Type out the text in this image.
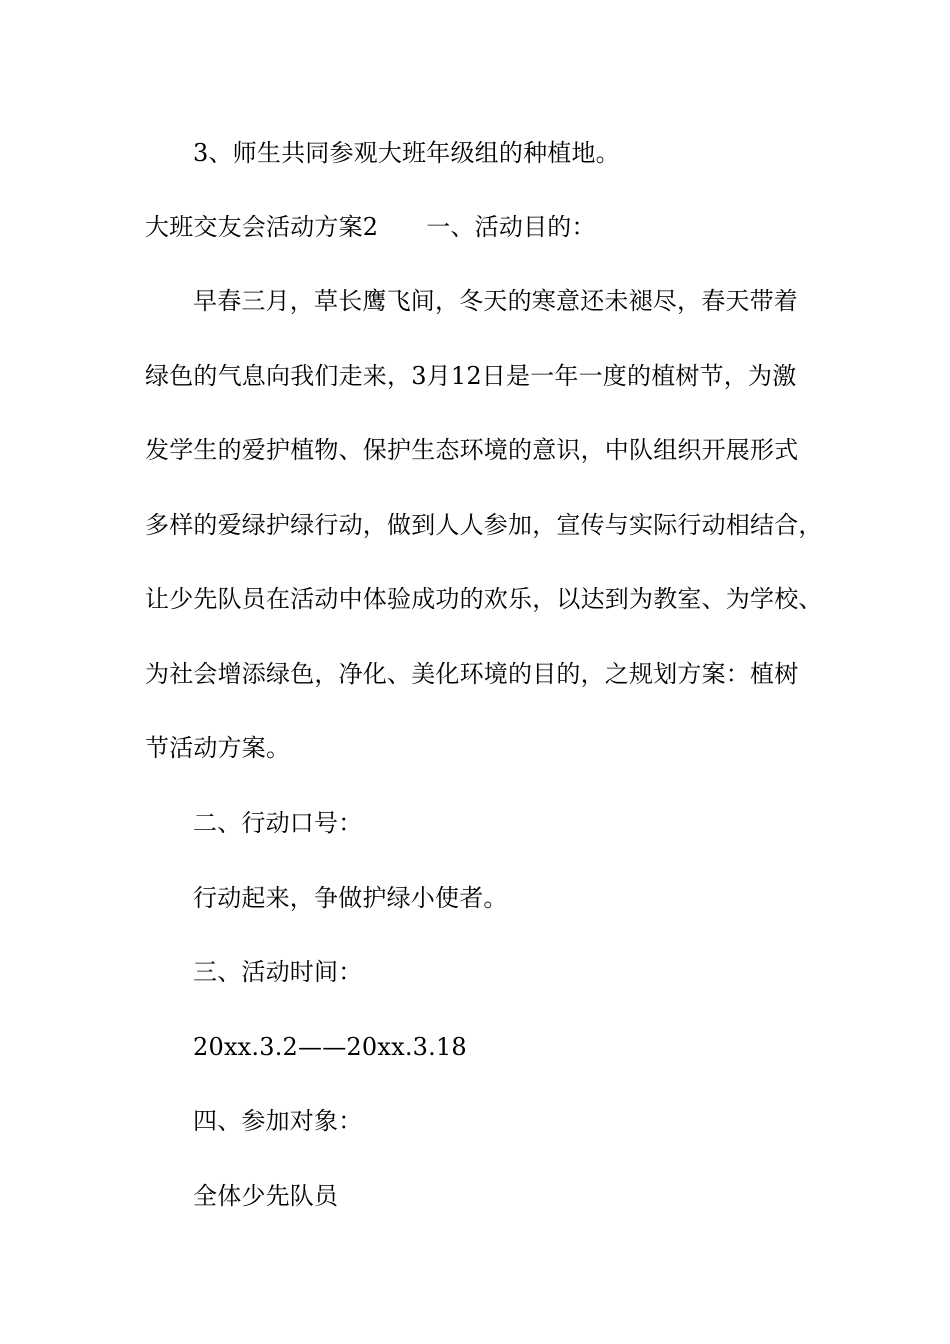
3、师生共同参观大班年级组的种植地。
大班交友会活动方案2 一、活动目的：
早春三月，草长鹰飞间，冬天的寒意还未褪尽，春天带着
绿色的气息向我们走来，3月12日是一年一度的植树节，为激
发学生的爱护植物、保护生态环境的意识，中队组织开展形式
多样的爱绿护绿行动，做到人人参加，宣传与实际行动相结合，
让少先队员在活动中体验成功的欢乐，以达到为教室、为学校、
为社会增添绿色，净化、美化环境的目的，之规划方案：植树
节活动方案。
二、行动口号：
行动起来，争做护绿小使者。
三、活动时间：
20xx.3.2——20xx.3.18
四、参加对象：
全体少先队员
